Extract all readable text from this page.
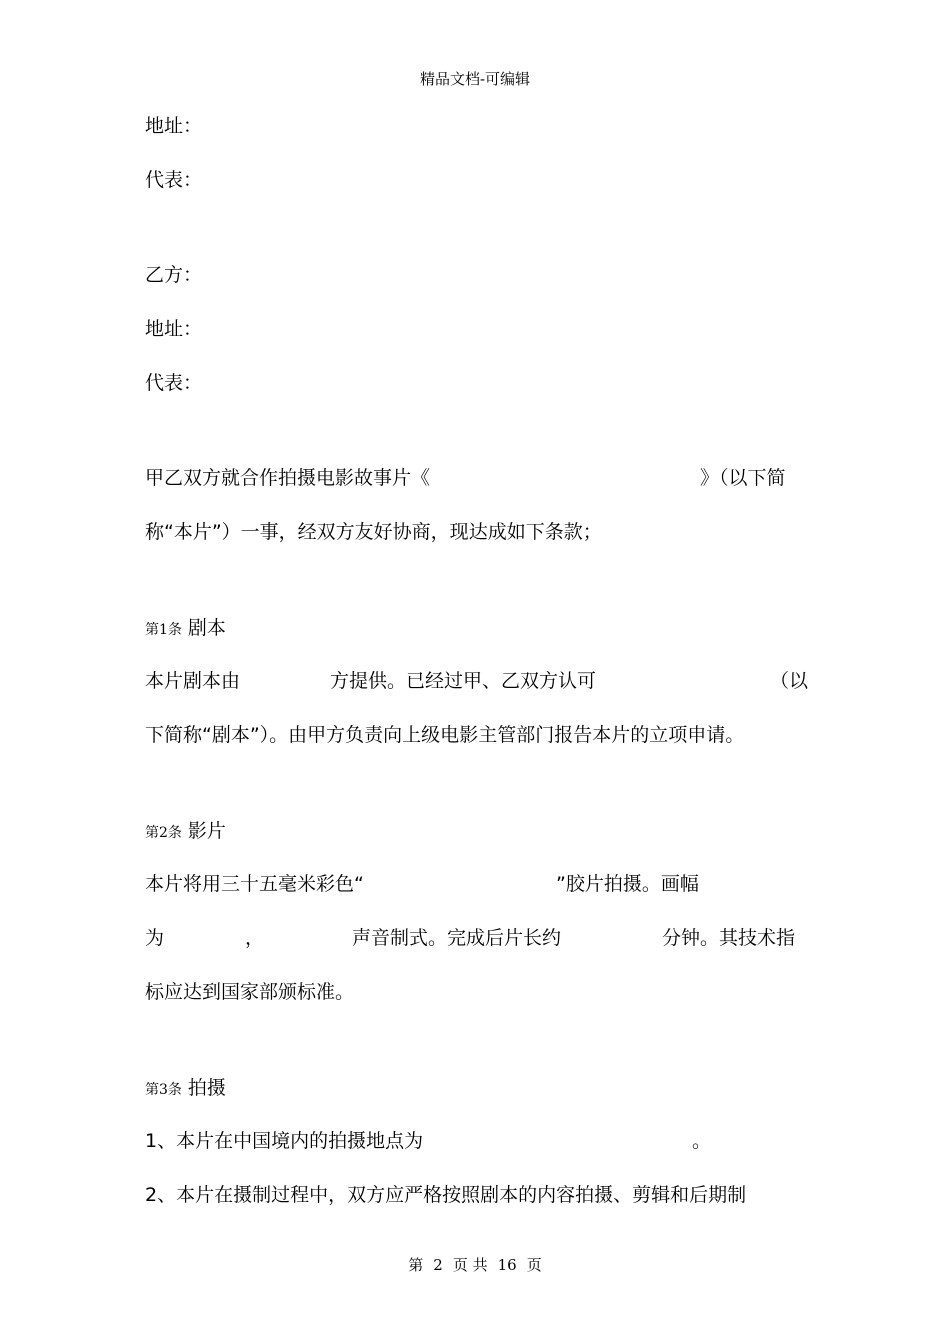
精品文档-可编辑
地址：
代表：
乙方：
地址：
代表：
甲乙双方就合作拍摄电影故事片《	》（以下简
称“本片”）一事，经双方友好协商，现达成如下条款；
第1条 剧本
本片剧本由	方提供。已经过甲、乙双方认可	（以
下简称“剧本”）。由甲方负责向上级电影主管部门报告本片的立项申请。
第2条 影片
本片将用三十五毫米彩色“	”胶片拍摄。画幅
为	，	声音制式。完成后片长约	分钟。其技术指
标应达到国家部颁标准。
第3条 拍摄
1、本片在中国境内的拍摄地点为	。
2、本片在摄制过程中，双方应严格按照剧本的内容拍摄、剪辑和后期制
第 2 页 共 16 页
